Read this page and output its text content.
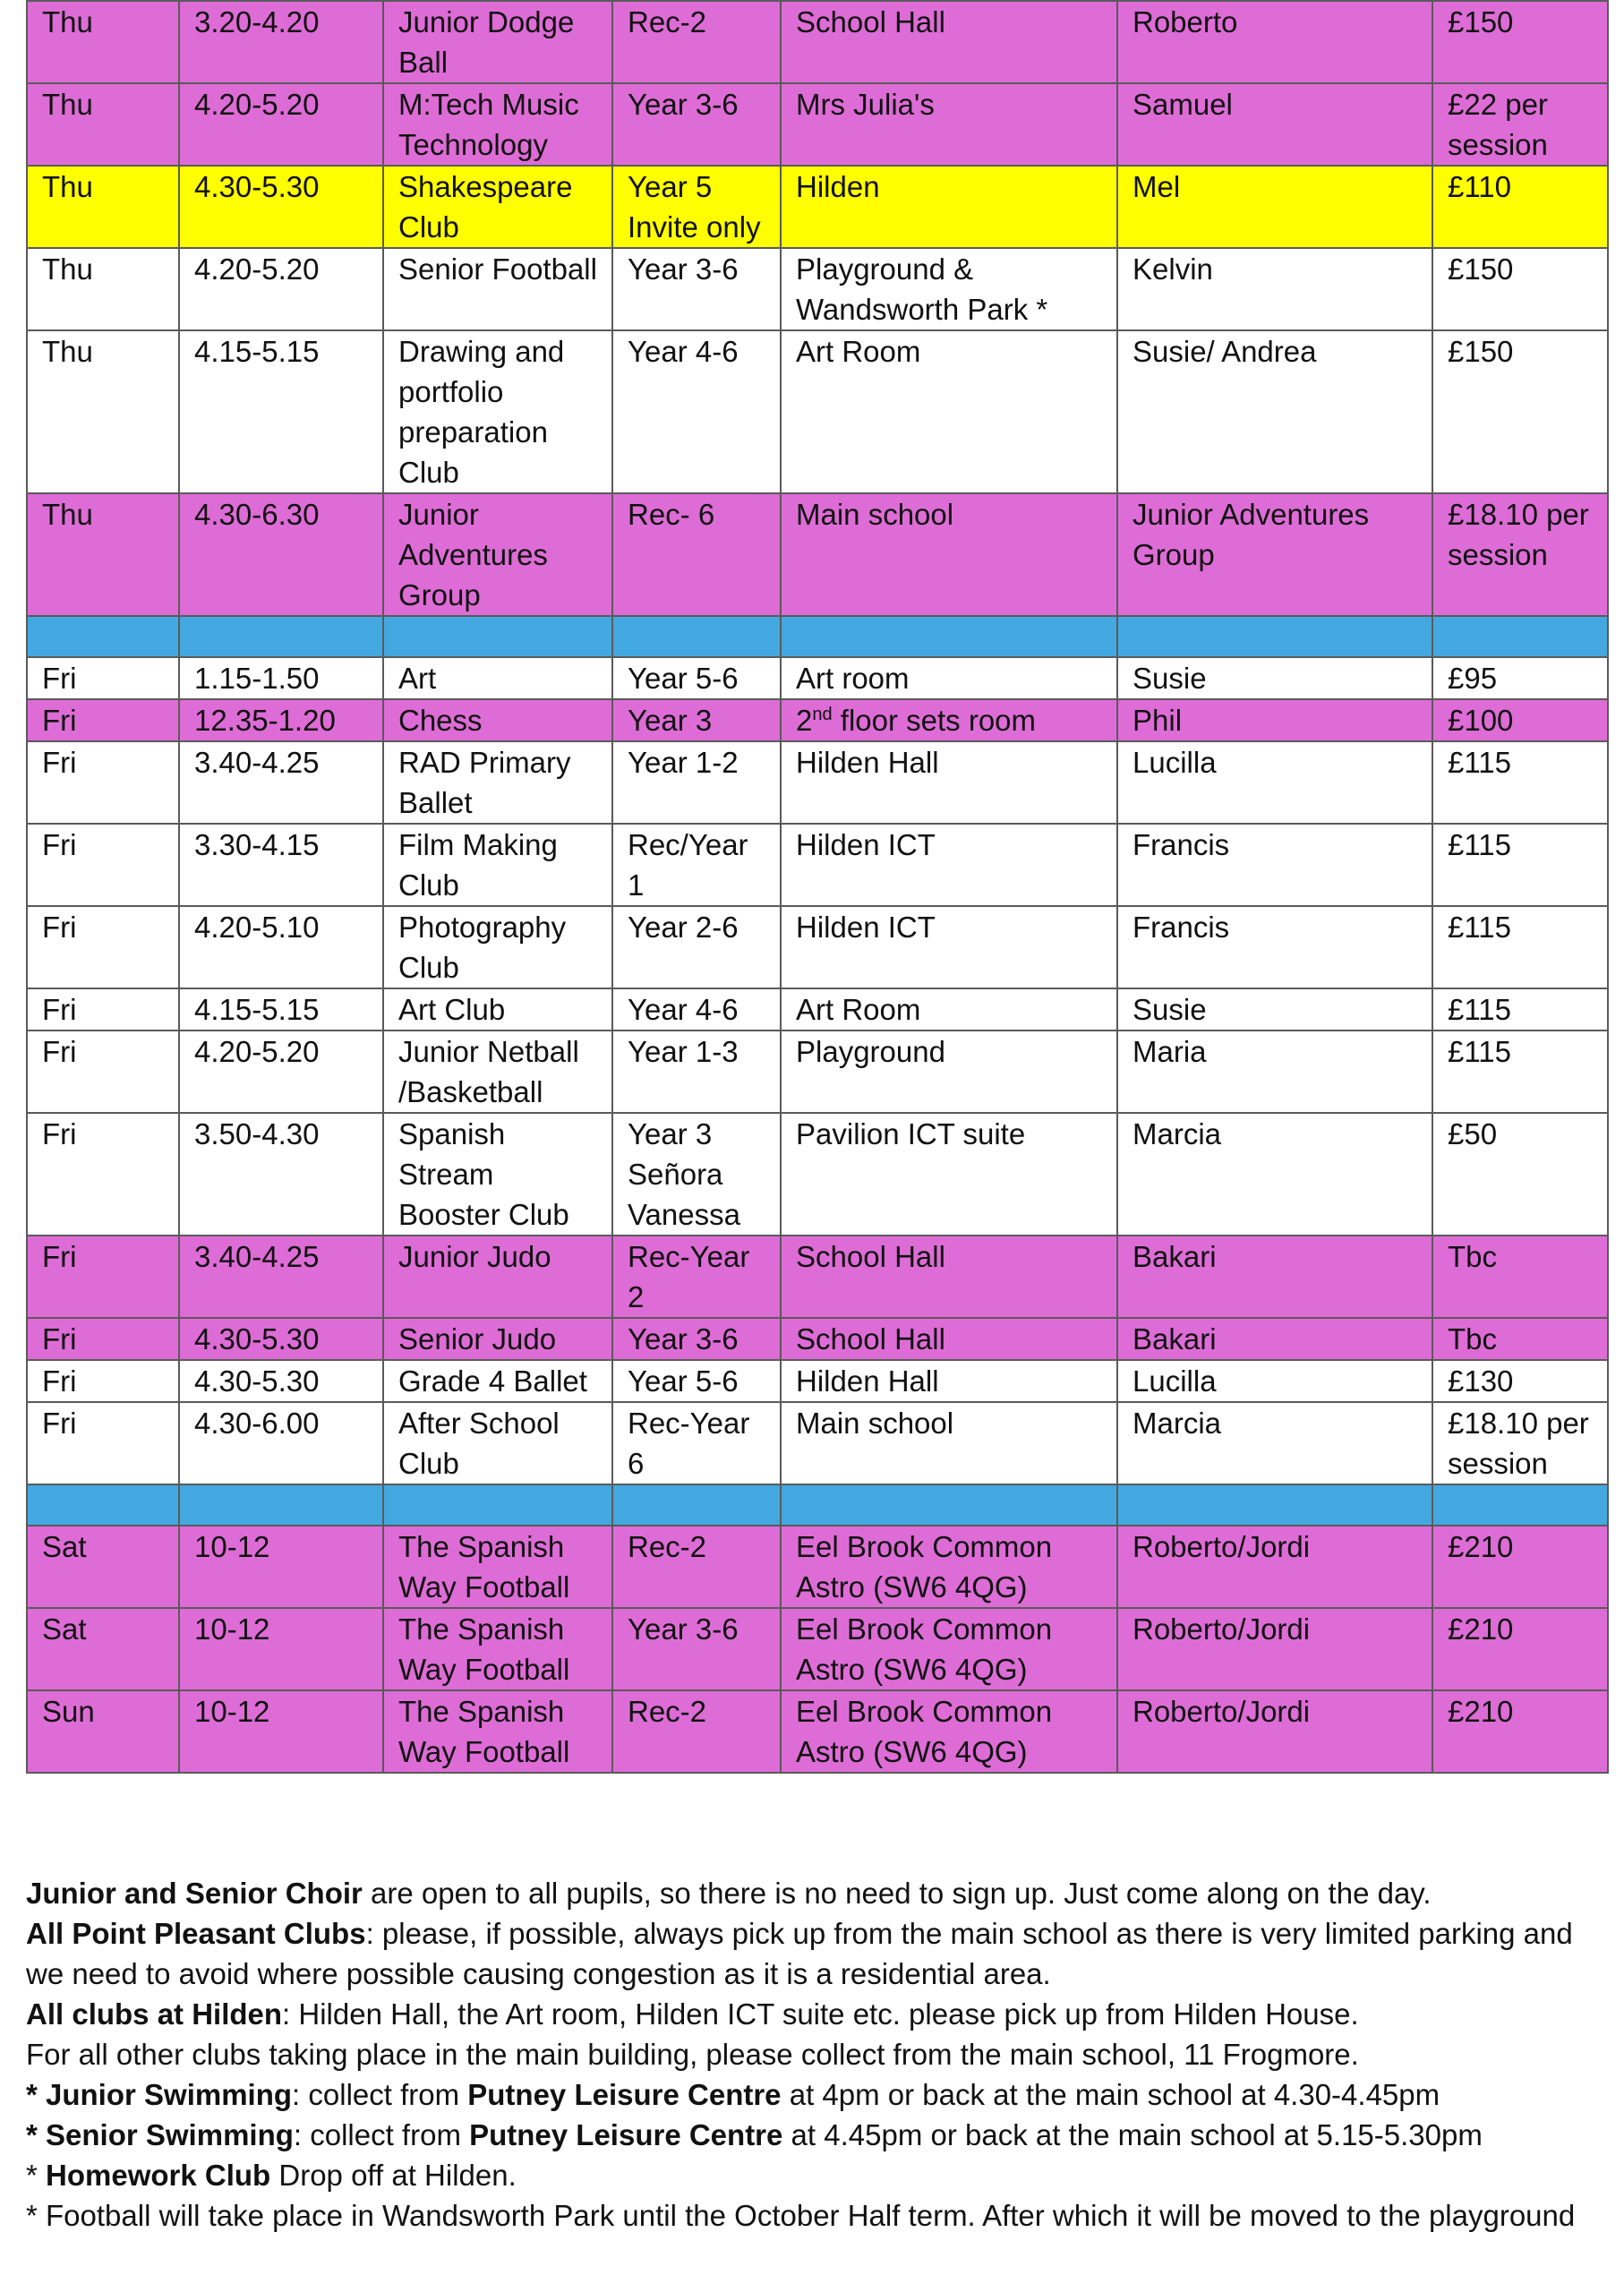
Thu	3.20-4.20	Junior Dodge Ball	Rec-2	School Hall	Roberto	£150
Thu	4.20-5.20	M:Tech Music Technology	Year 3-6	Mrs Julia's	Samuel	£22 per session
Thu	4.30-5.30	Shakespeare Club	Year 5 Invite only	Hilden	Mel	£110
Thu	4.20-5.20	Senior Football	Year 3-6	Playground & Wandsworth Park *	Kelvin	£150
Thu	4.15-5.15	Drawing and portfolio preparation Club	Year 4-6	Art Room	Susie/ Andrea	£150
Thu	4.30-6.30	Junior Adventures Group	Rec- 6	Main school	Junior Adventures Group	£18.10 per session

Fri	1.15-1.50	Art	Year 5-6	Art room	Susie	£95
Fri	12.35-1.20	Chess	Year 3	2nd floor sets room	Phil	£100
Fri	3.40-4.25	RAD Primary Ballet	Year 1-2	Hilden Hall	Lucilla	£115
Fri	3.30-4.15	Film Making Club	Rec/Year 1	Hilden ICT	Francis	£115
Fri	4.20-5.10	Photography Club	Year 2-6	Hilden ICT	Francis	£115
Fri	4.15-5.15	Art Club	Year 4-6	Art Room	Susie	£115
Fri	4.20-5.20	Junior Netball /Basketball	Year 1-3	Playground	Maria	£115
Fri	3.50-4.30	Spanish Stream Booster Club	Year 3 Señora Vanessa	Pavilion ICT suite	Marcia	£50
Fri	3.40-4.25	Junior Judo	Rec-Year 2	School Hall	Bakari	Tbc
Fri	4.30-5.30	Senior Judo	Year 3-6	School Hall	Bakari	Tbc
Fri	4.30-5.30	Grade 4 Ballet	Year 5-6	Hilden Hall	Lucilla	£130
Fri	4.30-6.00	After School Club	Rec-Year 6	Main school	Marcia	£18.10 per session

Sat	10-12	The Spanish Way Football	Rec-2	Eel Brook Common Astro (SW6 4QG)	Roberto/Jordi	£210
Sat	10-12	The Spanish Way Football	Year 3-6	Eel Brook Common Astro (SW6 4QG)	Roberto/Jordi	£210
Sun	10-12	The Spanish Way Football	Rec-2	Eel Brook Common Astro (SW6 4QG)	Roberto/Jordi	£210

Junior and Senior Choir are open to all pupils, so there is no need to sign up. Just come along on the day.

All Point Pleasant Clubs: please, if possible, always pick up from the main school as there is very limited parking and we need to avoid where possible causing congestion as it is a residential area.

All clubs at Hilden: Hilden Hall, the Art room, Hilden ICT suite etc. please pick up from Hilden House.

For all other clubs taking place in the main building, please collect from the main school, 11 Frogmore.

* Junior Swimming: collect from Putney Leisure Centre at 4pm or back at the main school at 4.30-4.45pm

* Senior Swimming: collect from Putney Leisure Centre at 4.45pm or back at the main school at 5.15-5.30pm

* Homework Club Drop off at Hilden.

* Football will take place in Wandsworth Park until the October Half term. After which it will be moved to the playground
